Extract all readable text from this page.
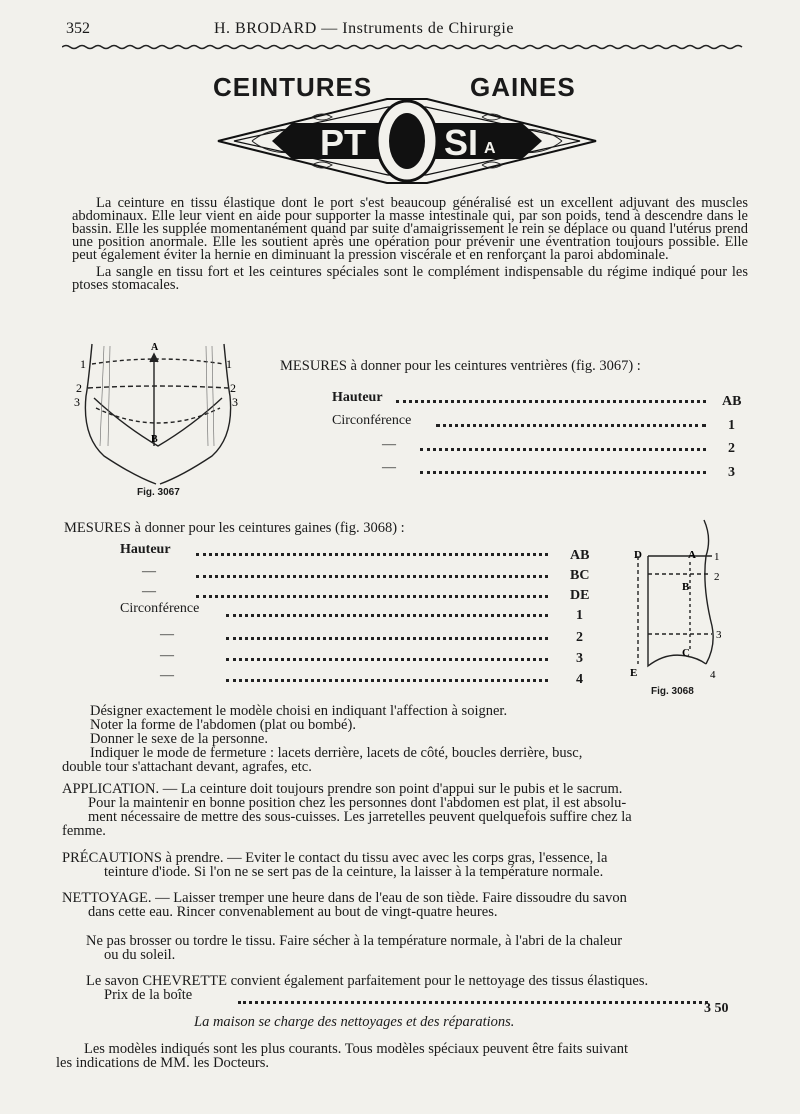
352	H. BRODARD — Instruments de Chirurgie
CEINTURES	GAINES
PT SI A

La ceinture en tissu élastique dont le port s'est beaucoup généralisé est un excellent adjuvant des muscles abdominaux. Elle leur vient en aide pour supporter la masse intestinale qui, par son poids, tend à descendre dans le bassin. Elle les supplée momentanément quand par suite d'amaigrissement le rein se déplace ou quand l'utérus prend une position anormale. Elle les soutient après une opération pour prévenir une éventration toujours possible. Elle peut également éviter la hernie en diminuant la pression viscérale et en renforçant la paroi abdominale.

La sangle en tissu fort et les ceintures spéciales sont le complément indispensable du régime indiqué pour les ptoses stomacales.

A
B
1	1
2	2
3	3
Fig. 3067
MESURES à donner pour les ceintures ventrières (fig. 3067) :
Hauteur	AB
Circonférence	1
—	2
—	3
MESURES à donner pour les ceintures gaines (fig. 3068) :
Hauteur	AB
—	BC
—	DE
Circonférence	1
—	2
—	3
—	4
D	A
B
C
E
1
2
3
4
Fig. 3068
Désigner exactement le modèle choisi en indiquant l'affection à soigner.
Noter la forme de l'abdomen (plat ou bombé).
Donner le sexe de la personne.
Indiquer le mode de fermeture : lacets derrière, lacets de côté, boucles derrière, busc,
double tour s'attachant devant, agrafes, etc.
APPLICATION. — La ceinture doit toujours prendre son point d'appui sur le pubis et le sacrum.
Pour la maintenir en bonne position chez les personnes dont l'abdomen est plat, il est absolu-
ment nécessaire de mettre des sous-cuisses. Les jarretelles peuvent quelquefois suffire chez la
femme.
PRÉCAUTIONS à prendre. — Eviter le contact du tissu avec avec les corps gras, l'essence, la
teinture d'iode. Si l'on ne se sert pas de la ceinture, la laisser à la température normale.
NETTOYAGE. — Laisser tremper une heure dans de l'eau de son tiède. Faire dissoudre du savon
dans cette eau. Rincer convenablement au bout de vingt-quatre heures.
Ne pas brosser ou tordre le tissu. Faire sécher à la température normale, à l'abri de la chaleur
ou du soleil.
Le savon CHEVRETTE convient également parfaitement pour le nettoyage des tissus élastiques.
Prix de la boîte
3 50
La maison se charge des nettoyages et des réparations.
Les modèles indiqués sont les plus courants. Tous modèles spéciaux peuvent être faits suivant
les indications de MM. les Docteurs.
